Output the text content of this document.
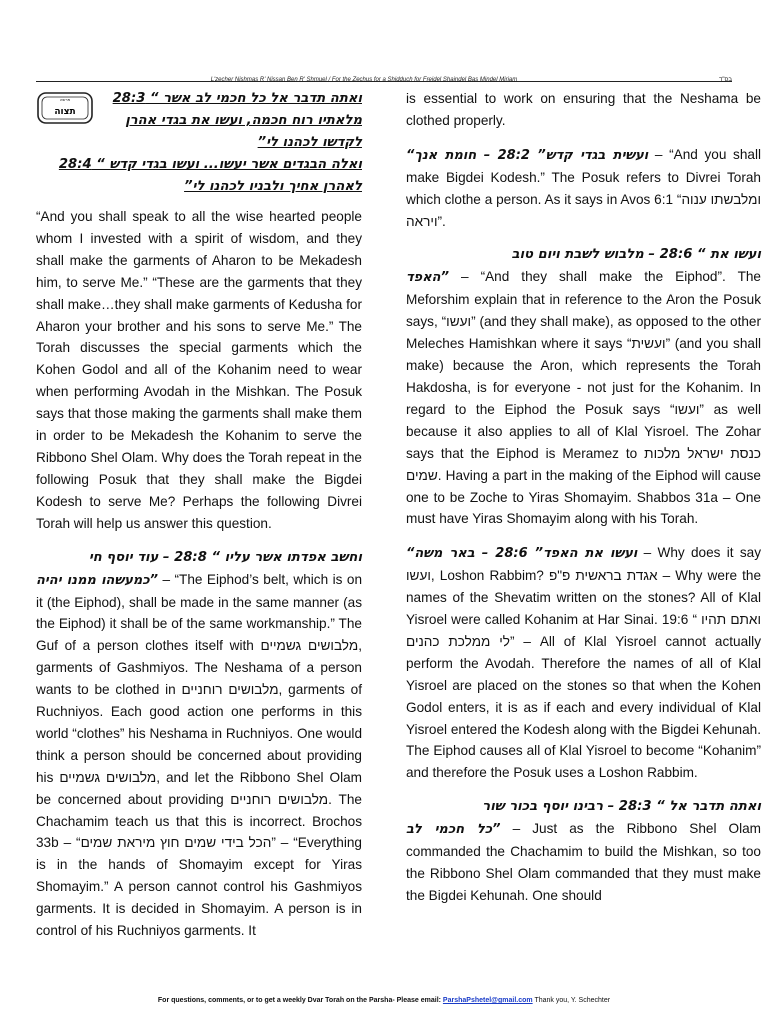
L'zecher Nishmas R' Nissan Ben R' Shmuel / For the Zechus for a Shidduch for Freidel Shaindel Bas Mindel Miriam	בס"ד
פרשה
תצוה
ואתה תדבר אל כל חכמי לב אשר “ 28:3
מלאתיו רוח חכמה, ועשו את בגדי אהרן
לקדשו לכהנו לי”
ואלה הבגדים אשר יעשו... ועשו בגדי קדש “ 28:4
לאהרן אחיך ולבניו לכהנו לי”

“And you shall speak to all the wise hearted people whom I invested with a spirit of wisdom, and they shall make the garments of Aharon to be Mekadesh him, to serve Me.” “These are the garments that they shall make…they shall make garments of Kedusha for Aharon your brother and his sons to serve Me.” The Torah discusses the special garments which the Kohen Godol and all of the Kohanim need to wear when performing Avodah in the Mishkan. The Posuk says that those making the garments shall make them in order to be Mekadesh the Kohanim to serve the Ribbono Shel Olam. Why does the Torah repeat in the following Posuk that they shall make the Bigdei Kodesh to serve Me? Perhaps the following Divrei Torah will help us answer this question.

וחשב אפדתו אשר עליו “ 28:8 – עוד יוסף חי

כמעשהו ממנו יהיה” – “The Eiphod’s belt, which is on it (the Eiphod), shall be made in the same manner (as the Eiphod) it shall be of the same workmanship.” The Guf of a person clothes itself with מלבושים גשמיים, garments of Gashmiyos. The Neshama of a person wants to be clothed in מלבושים רוחניים, garments of Ruchniyos. Each good action one performs in this world “clothes” his Neshama in Ruchniyos. One would think a person should be concerned about providing his מלבושים גשמיים, and let the Ribbono Shel Olam be concerned about providing מלבושים רוחניים. The Chachamim teach us that this is incorrect. Brochos 33b – “הכל בידי שמים חוץ מיראת שמים” – “Everything is in the hands of Shomayim except for Yiras Shomayim.” A person cannot control his Gashmiyos garments. It is decided in Shomayim. A person is in control of his Ruchniyos garments. It

is essential to work on ensuring that the Neshama be clothed properly.

“ועשית בגדי קדש” 28:2 – חומת אנך – “And you shall make Bigdei Kodesh.” The Posuk refers to Divrei Torah which clothe a person. As it says in Avos 6:1 “ומלבשתו ענוה ויראה”.

ועשו את “ 28:6 – מלבוש לשבת ויום טוב

האפד” – “And they shall make the Eiphod”. The Meforshim explain that in reference to the Aron the Posuk says, “ועשו” (and they shall make), as opposed to the other Meleches Hamishkan where it says “ועשית” (and you shall make) because the Aron, which represents the Torah Hakdosha, is for everyone - not just for the Kohanim. In regard to the Eiphod the Posuk says “ועשו” as well because it also applies to all of Klal Yisroel. The Zohar says that the Eiphod is Meramez to כנסת ישראל מלכות שמים. Having a part in the making of the Eiphod will cause one to be Zoche to Yiras Shomayim. Shabbos 31a – One must have Yiras Shomayim along with his Torah.

“ועשו את האפד” 28:6 – באר משה – Why does it say ועשו, Loshon Rabbim? אגדת בראשית פ"פ – Why were the names of the Shevatim written on the stones? All of Klal Yisroel were called Kohanim at Har Sinai. 19:6 “ ואתם תהיו לי ממלכת כהנים” – All of Klal Yisroel cannot actually perform the Avodah. Therefore the names of all of Klal Yisroel are placed on the stones so that when the Kohen Godol enters, it is as if each and every individual of Klal Yisroel entered the Kodesh along with the Bigdei Kehunah. The Eiphod causes all of Klal Yisroel to become “Kohanim” and therefore the Posuk uses a Loshon Rabbim.

ואתה תדבר אל “ 28:3 – רבינו יוסף בכור שור

כל חכמי לב” – Just as the Ribbono Shel Olam commanded the Chachamim to build the Mishkan, so too the Ribbono Shel Olam commanded that they must make the Bigdei Kehunah. One should

For questions, comments, or to get a weekly Dvar Torah on the Parsha- Please email: ParshaPshetel@gmail.com Thank you, Y. Schechter
